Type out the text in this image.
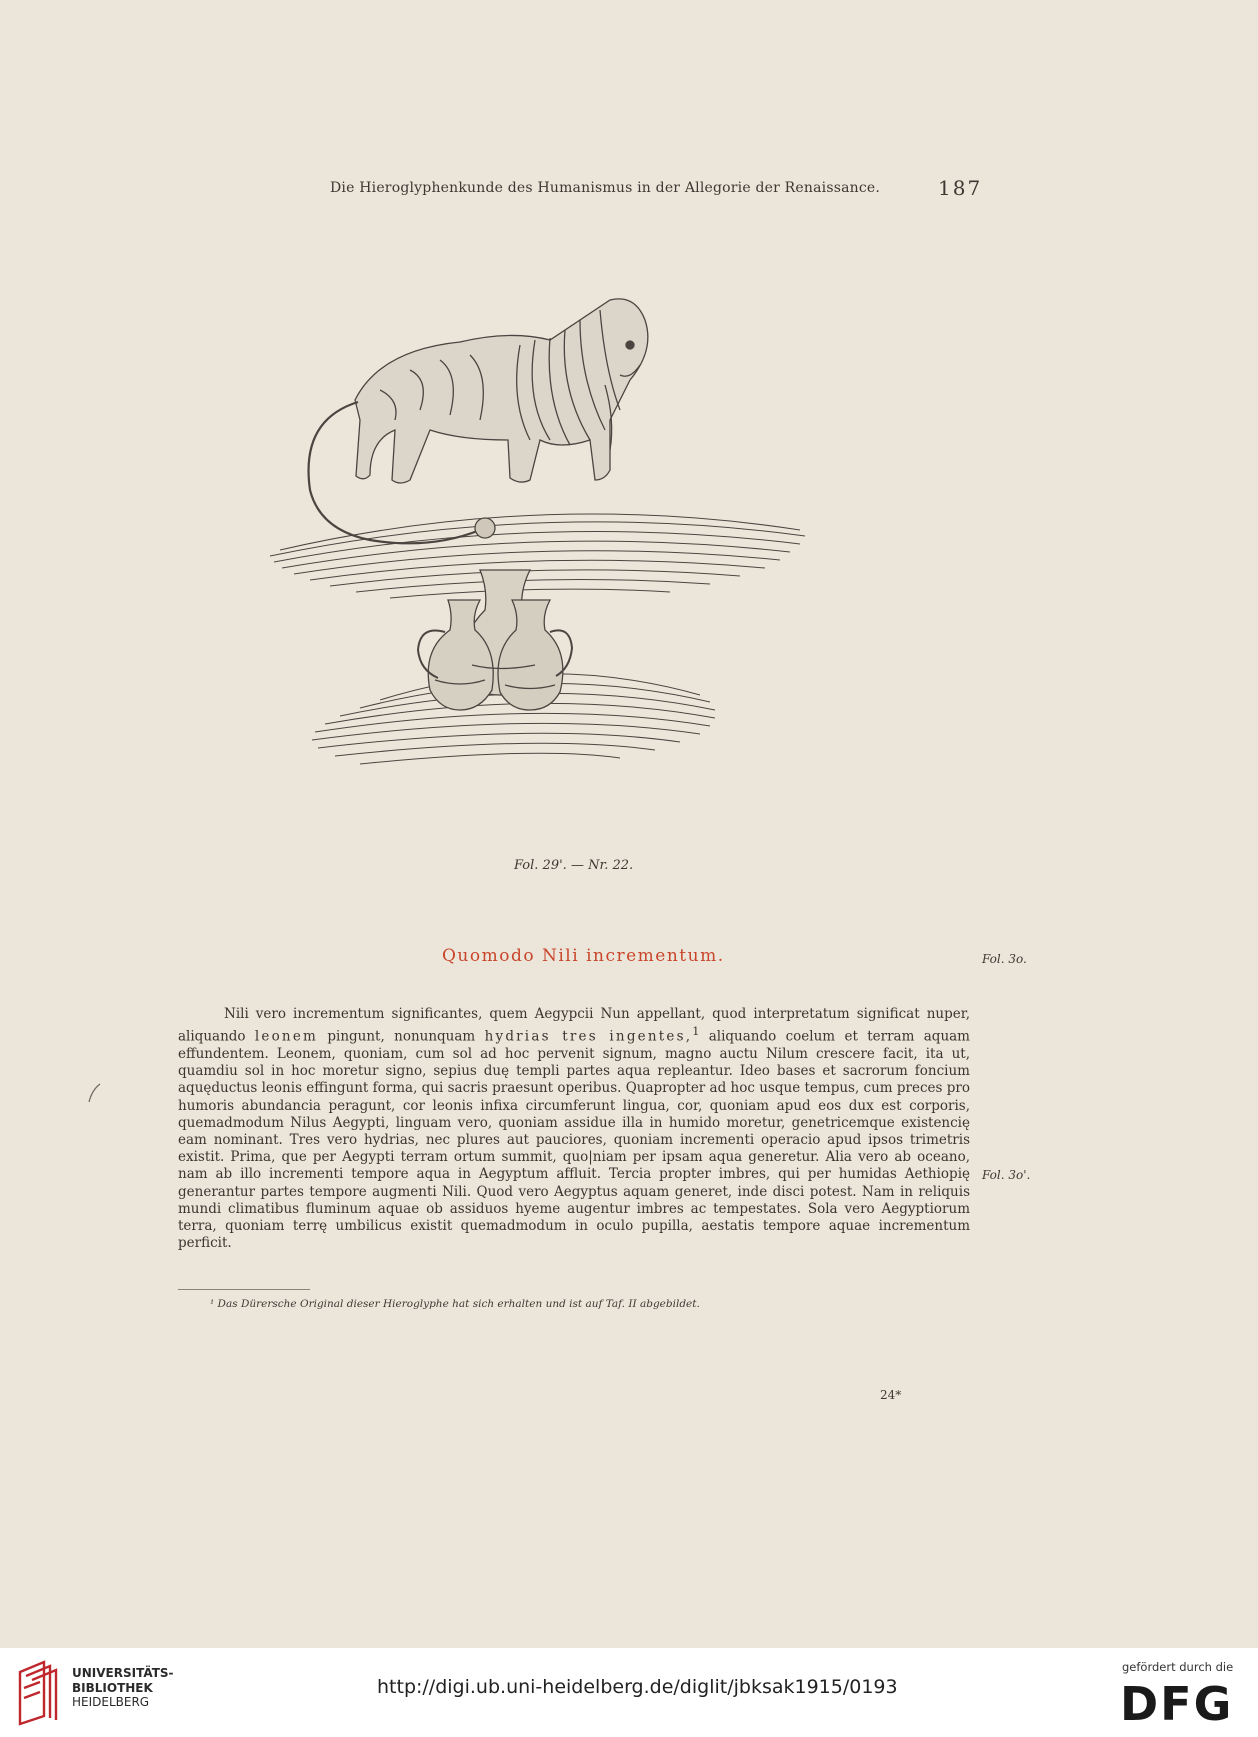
Die Hieroglyphenkunde des Humanismus in der Allegorie der Renaissance.	187
Fol. 29'. — Nr. 22.
Quomodo Nili incrementum.	Fol. 3o.

Nili vero incrementum significantes, quem Aegypcii Nun appellant, quod interpretatum significat nuper, aliquando leonem pingunt, nonunquam hydrias tres ingentes,$^1$ aliquando coelum et terram aquam effundentem. Leonem, quoniam, cum sol ad hoc pervenit signum, magno auctu Nilum crescere facit, ita ut, quamdiu sol in hoc moretur signo, sepius duę templi partes aqua repleantur. Ideo bases et sacrorum foncium aquęductus leonis effingunt forma, qui sacris praesunt operibus. Quapropter ad hoc usque tempus, cum preces pro humoris abundancia peragunt, cor leonis infixa circumferunt lingua, cor, quoniam apud eos dux est corporis, quemadmodum Nilus Aegypti, linguam vero, quoniam assidue illa in humido moretur, genetricemque existencię eam nominant. Tres vero hydrias, nec plures aut pauciores, quoniam incrementi operacio apud ipsos trimetris existit. Prima, que per Aegypti terram ortum summit, quo|niam per ipsam aqua generetur. Alia vero ab oceano, nam ab illo incrementi tempore aqua in Aegyptum affluit. Tercia propter imbres, qui per humidas Aethiopię generantur partes tempore augmenti Nili. Quod vero Aegyptus aquam generet, inde disci potest. Nam in reliquis mundi climatibus fluminum aquae ob assiduos hyeme augentur imbres ac tempestates. Sola vero Aegyptiorum terra, quoniam terrę umbilicus existit quemadmodum in oculo pupilla, aestatis tempore aquae incrementum perficit.

Fol. 3o'.
¹ Das Dürersche Original dieser Hieroglyphe hat sich erhalten und ist auf Taf. II abgebildet.
24*
UNIVERSITÄTS-
BIBLIOTHEK
HEIDELBERG
http://digi.ub.uni-heidelberg.de/diglit/jbksak1915/0193
gefördert durch die
DFG
